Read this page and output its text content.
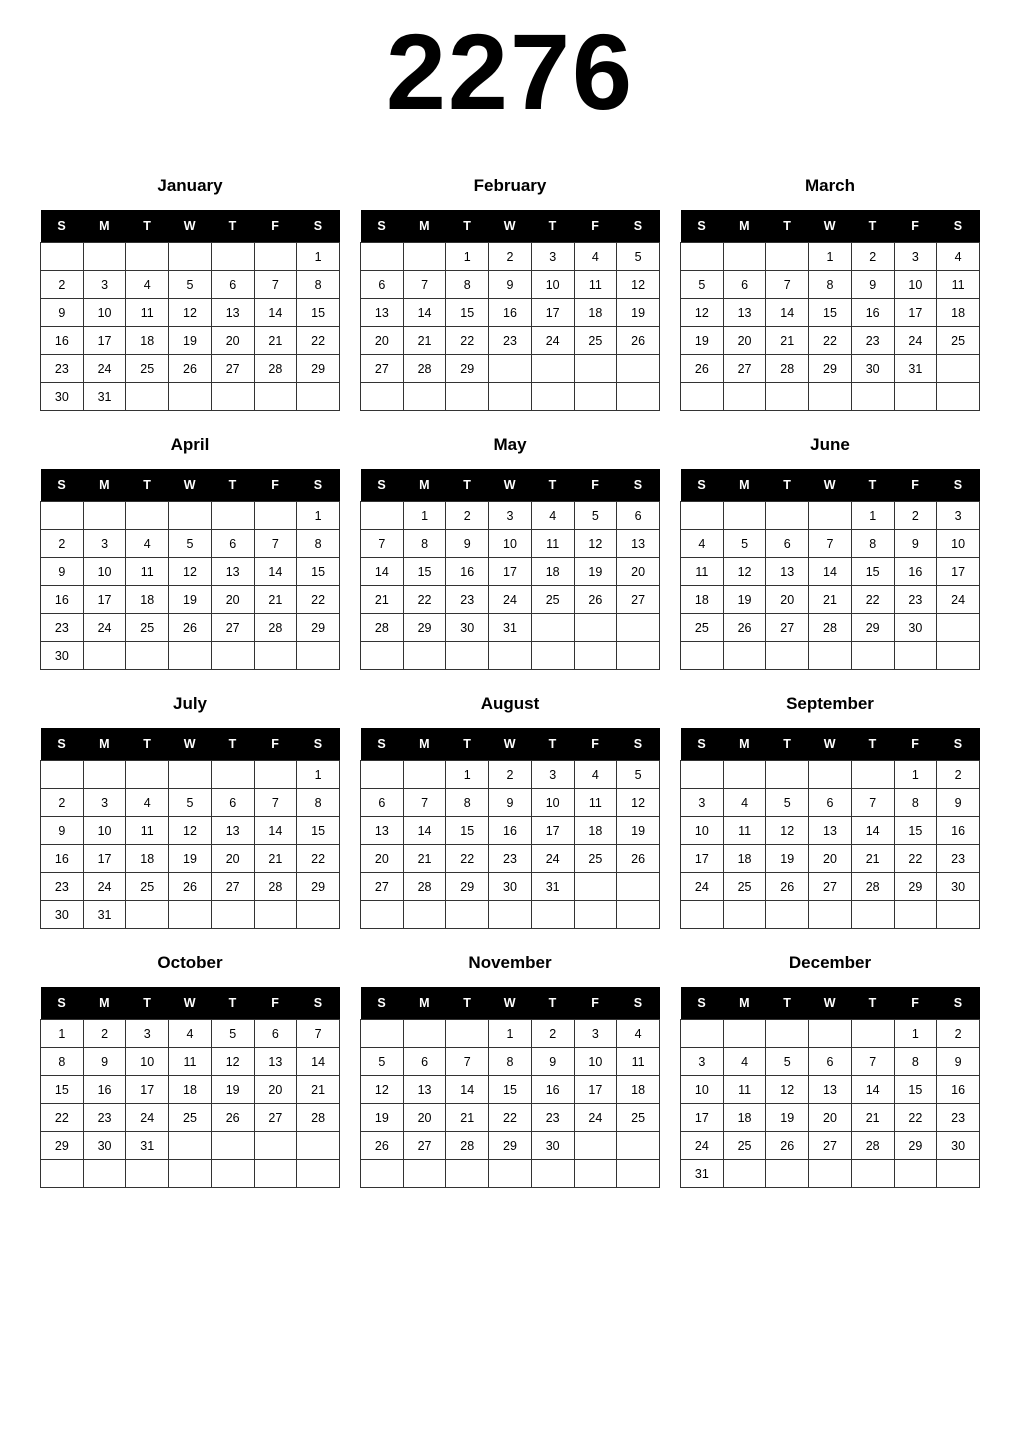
2276
January
S	M	T	W	T	F	S
						1
2	3	4	5	6	7	8
9	10	11	12	13	14	15
16	17	18	19	20	21	22
23	24	25	26	27	28	29
30	31					
February
S	M	T	W	T	F	S
		1	2	3	4	5
6	7	8	9	10	11	12
13	14	15	16	17	18	19
20	21	22	23	24	25	26
27	28	29				

March
S	M	T	W	T	F	S
			1	2	3	4
5	6	7	8	9	10	11
12	13	14	15	16	17	18
19	20	21	22	23	24	25
26	27	28	29	30	31	

April
S	M	T	W	T	F	S
						1
2	3	4	5	6	7	8
9	10	11	12	13	14	15
16	17	18	19	20	21	22
23	24	25	26	27	28	29
30						
May
S	M	T	W	T	F	S
	1	2	3	4	5	6
7	8	9	10	11	12	13
14	15	16	17	18	19	20
21	22	23	24	25	26	27
28	29	30	31			

June
S	M	T	W	T	F	S
				1	2	3
4	5	6	7	8	9	10
11	12	13	14	15	16	17
18	19	20	21	22	23	24
25	26	27	28	29	30	

July
S	M	T	W	T	F	S
						1
2	3	4	5	6	7	8
9	10	11	12	13	14	15
16	17	18	19	20	21	22
23	24	25	26	27	28	29
30	31					
August
S	M	T	W	T	F	S
		1	2	3	4	5
6	7	8	9	10	11	12
13	14	15	16	17	18	19
20	21	22	23	24	25	26
27	28	29	30	31		

September
S	M	T	W	T	F	S
					1	2
3	4	5	6	7	8	9
10	11	12	13	14	15	16
17	18	19	20	21	22	23
24	25	26	27	28	29	30

October
S	M	T	W	T	F	S
1	2	3	4	5	6	7
8	9	10	11	12	13	14
15	16	17	18	19	20	21
22	23	24	25	26	27	28
29	30	31				

November
S	M	T	W	T	F	S
			1	2	3	4
5	6	7	8	9	10	11
12	13	14	15	16	17	18
19	20	21	22	23	24	25
26	27	28	29	30		

December
S	M	T	W	T	F	S
					1	2
3	4	5	6	7	8	9
10	11	12	13	14	15	16
17	18	19	20	21	22	23
24	25	26	27	28	29	30
31						
